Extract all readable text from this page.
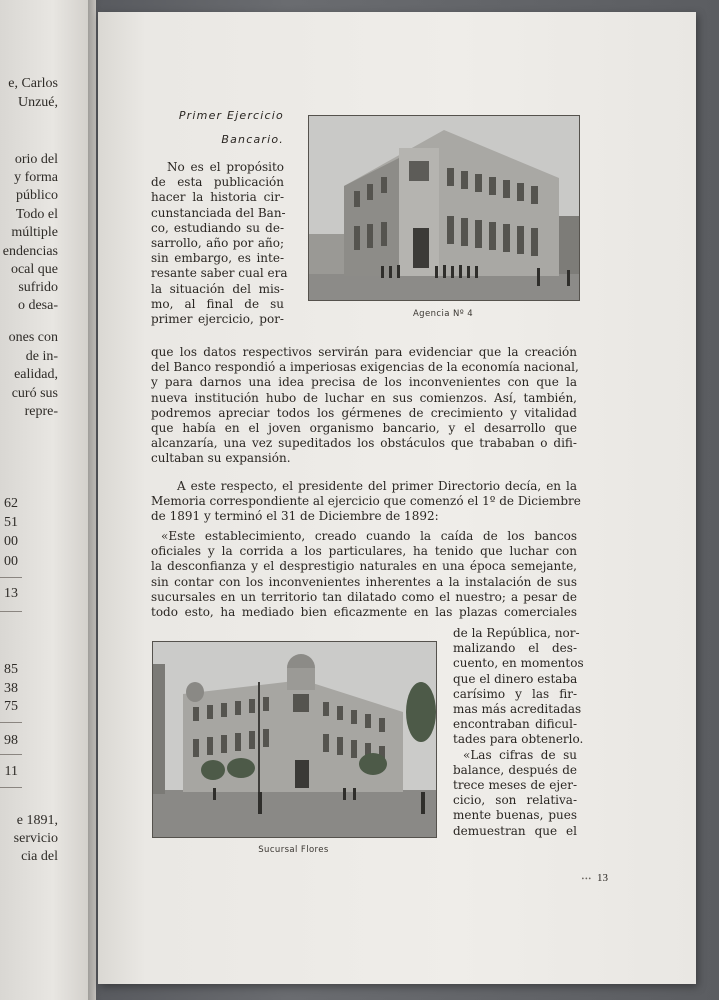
e, Carlos
Unzué,
orio del
y forma
público
Todo el
múltiple
endencias
ocal que
sufrido
o desa-
ones con
de in-
ealidad,
curó sus
repre-
62
51
00
00
13
85
38
75
98
11
e 1891,
servicio
cia del
Primer Ejercicio
Bancario.
Agencia Nº 4
No es el propósito
de esta publicación
hacer la historia cir-
cunstanciada del Ban-
co, estudiando su de-
sarrollo, año por año;
sin embargo, es inte-
resante saber cual era
la situación del mis-
mo, al final de su
primer ejercicio, por-
que los datos respectivos servirán para evidenciar que la creación
del Banco respondió a imperiosas exigencias de la economía nacional,
y para darnos una idea precisa de los inconvenientes con que la
nueva institución hubo de luchar en sus comienzos. Así, también,
podremos apreciar todos los gérmenes de crecimiento y vitalidad
que había en el joven organismo bancario, y el desarrollo que
alcanzaría, una vez supeditados los obstáculos que trababan o difi-
cultaban su expansión.
A este respecto, el presidente del primer Directorio decía, en la
Memoria correspondiente al ejercicio que comenzó el 1º de Diciembre
de 1891 y terminó el 31 de Diciembre de 1892:
«Este establecimiento, creado cuando la caída de los bancos
oficiales y la corrida a los particulares, ha tenido que luchar con
la desconfianza y el desprestigio naturales en una época semejante,
sin contar con los inconvenientes inherentes a la instalación de sus
sucursales en un territorio tan dilatado como el nuestro; a pesar de
todo esto, ha mediado bien eficazmente en las plazas comerciales
Sucursal Flores
de la República, nor-
malizando el des-
cuento, en momentos
que el dinero estaba
carísimo y las fir-
mas más acreditadas
encontraban dificul-
tades para obtenerlo.
«Las cifras de su
balance, después de
trece meses de ejer-
cicio, son relativa-
mente buenas, pues
demuestran que el
••• 13
